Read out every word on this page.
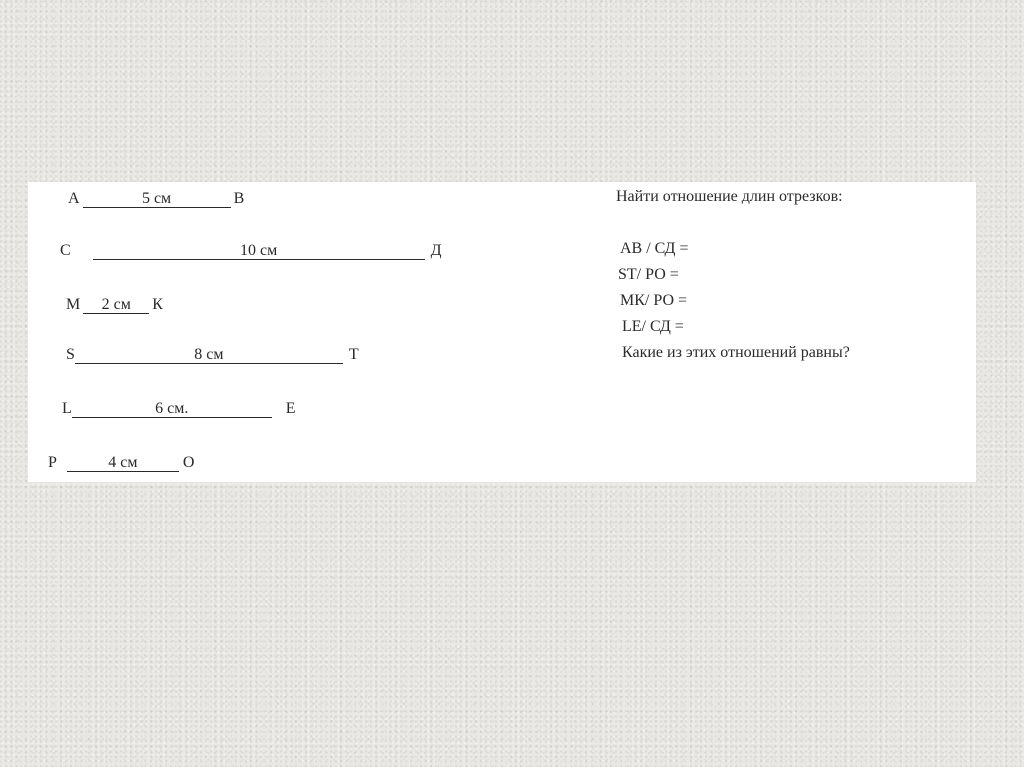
А	5 см	В
С	10 см	Д
М	2 см	К
S	8 см	Т
L	6 см.	Е
Р	4 см	О
Найти отношение длин отрезков:
АВ / СД =
ST/ РО =
МК/ РО =
LE/ СД =
Какие из этих отношений равны?
